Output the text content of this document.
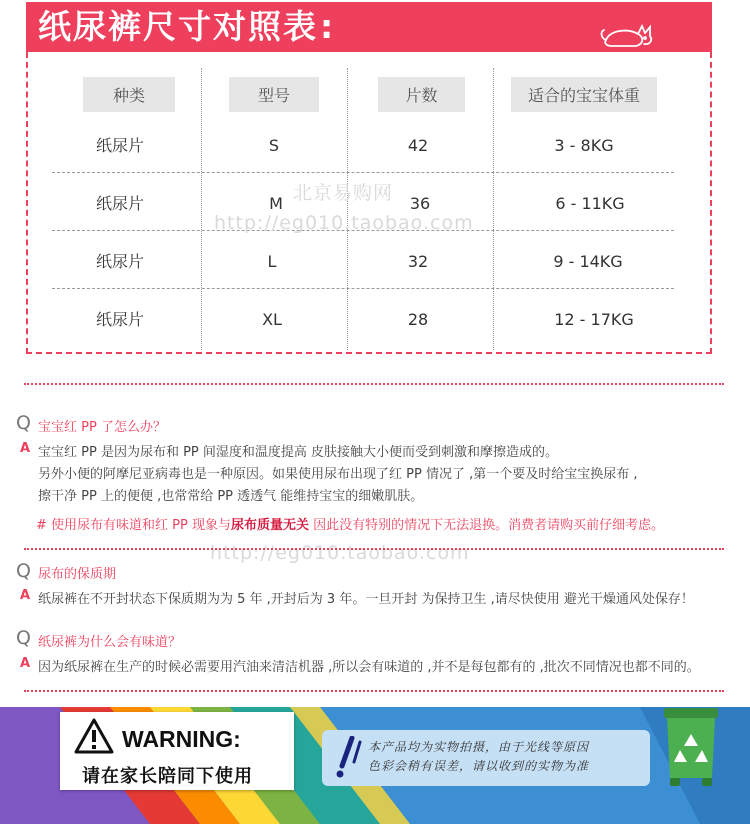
纸尿裤尺寸对照表:
种类	型号	片数	适合的宝宝体重
纸尿片	S	42	3 - 8KG
纸尿片	M	36	6 - 11KG
纸尿片	L	32	9 - 14KG
纸尿片	XL	28	12 - 17KG
北京易购网
http://eg010.taobao.com
http://eg010.taobao.com
Q 宝宝红 PP 了怎么办？
A 宝宝红 PP 是因为尿布和 PP 间湿度和温度提高 皮肤接触大小便而受到刺激和摩擦造成的。
另外小便的阿摩尼亚病毒也是一种原因。如果使用尿布出现了红 PP 情况了 ,第一个要及时给宝宝换尿布 ,
擦干净 PP 上的便便 ,也常常给 PP 透透气 能维持宝宝的细嫩肌肤。
# 使用尿布有味道和红 PP 现象与尿布质量无关 因此没有特别的情况下无法退换。消费者请购买前仔细考虑。
Q 尿布的保质期
A 纸尿裤在不开封状态下保质期为为 5 年 ,开封后为 3 年。一旦开封 为保持卫生 ,请尽快使用 避光干燥通风处保存！
Q 纸尿裤为什么会有味道？
A 因为纸尿裤在生产的时候必需要用汽油来清洁机器 ,所以会有味道的 ,并不是每包都有的 ,批次不同情况也都不同的。
WARNING:
请在家长陪同下使用
本产品均为实物拍摄，由于光线等原因
色彩会稍有误差，请以收到的实物为准
